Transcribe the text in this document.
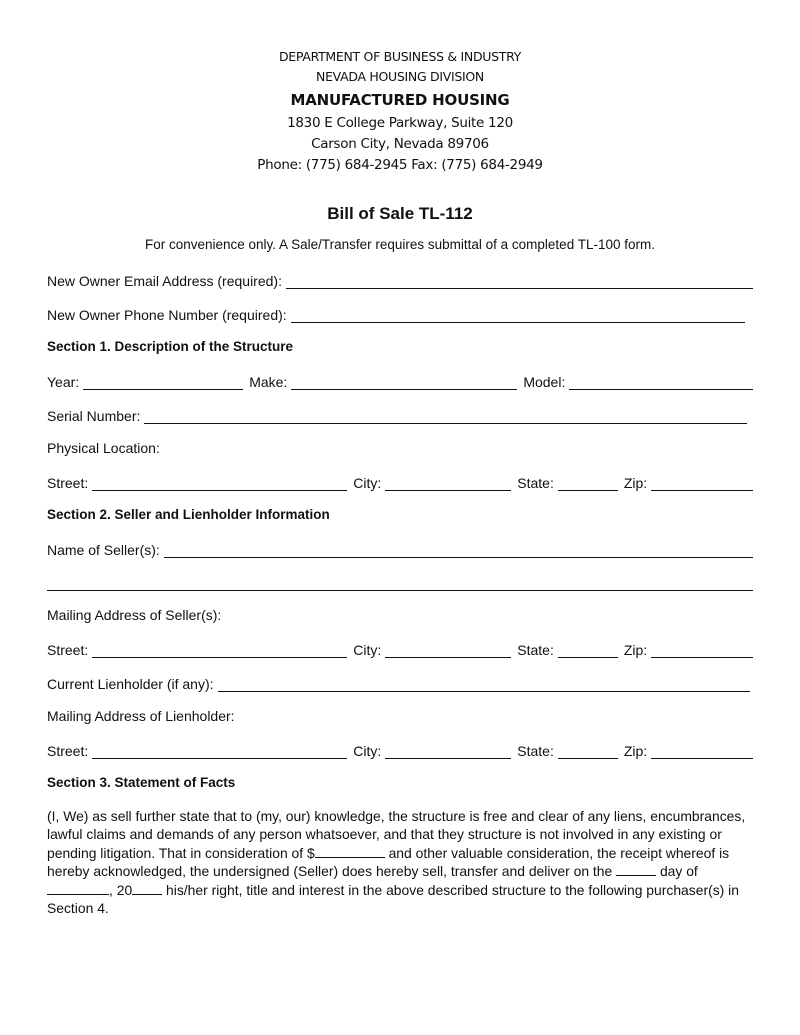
DEPARTMENT OF BUSINESS & INDUSTRY
NEVADA HOUSING DIVISION
MANUFACTURED HOUSING
1830 E College Parkway, Suite 120
Carson City, Nevada 89706
Phone: (775) 684-2945 Fax: (775) 684-2949
Bill of Sale TL-112
For convenience only. A Sale/Transfer requires submittal of a completed TL-100 form.
New Owner Email Address (required):
New Owner Phone Number (required):
Section 1. Description of the Structure
Year:	Make:	Model:
Serial Number:
Physical Location:
Street:	City:	State:	Zip:
Section 2. Seller and Lienholder Information
Name of Seller(s):
Mailing Address of Seller(s):
Street:	City:	State:	Zip:
Current Lienholder (if any):
Mailing Address of Lienholder:
Street:	City:	State:	Zip:
Section 3. Statement of Facts
(I, We) as sell further state that to (my, our) knowledge, the structure is free and clear of any liens, encumbrances, lawful claims and demands of any person whatsoever, and that they structure is not involved in any existing or pending litigation. That in consideration of $	and other valuable consideration, the receipt whereof is hereby acknowledged, the undersigned (Seller) does hereby sell, transfer and deliver on the	day of , 20 his/her right, title and interest in the above described structure to the following purchaser(s) in Section 4.
